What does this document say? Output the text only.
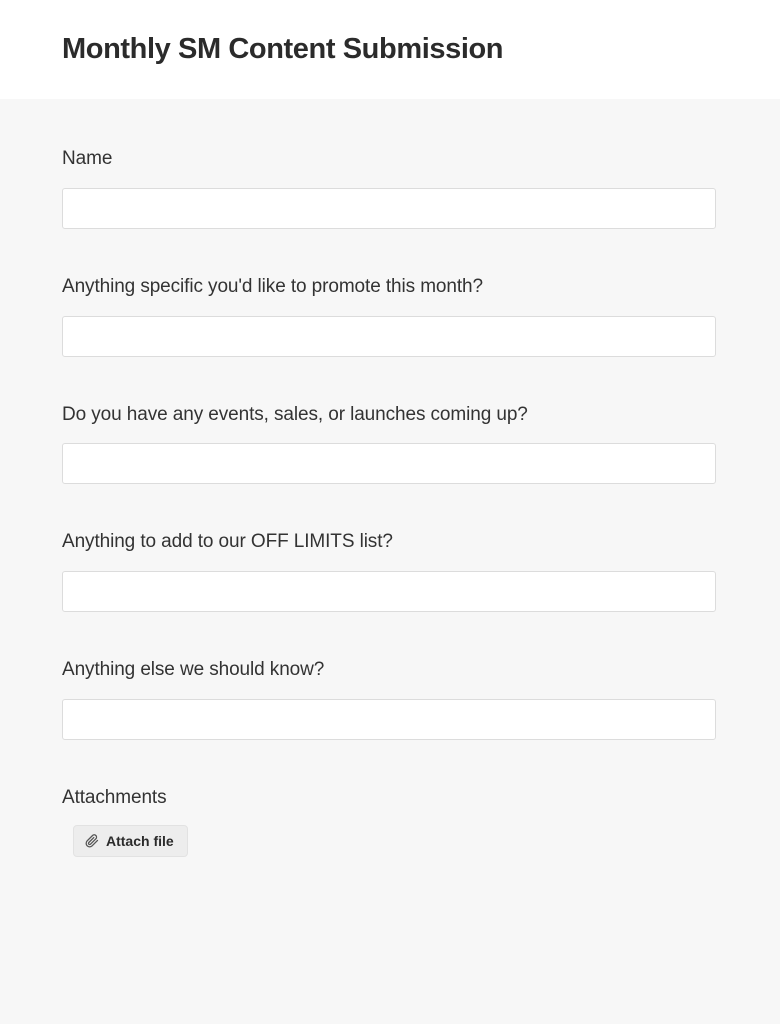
Monthly SM Content Submission
Name
Anything specific you'd like to promote this month?
Do you have any events, sales, or launches coming up?
Anything to add to our OFF LIMITS list?
Anything else we should know?
Attachments
Attach file
